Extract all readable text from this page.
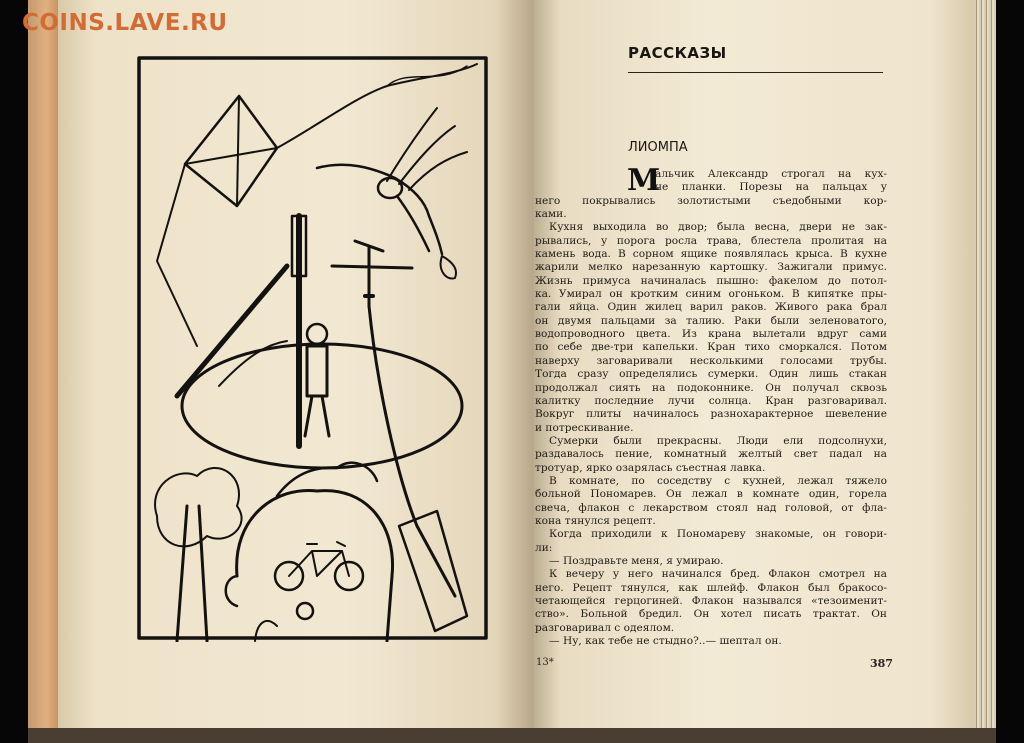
COINS.LAVE.RU
РАССКАЗЫ
ЛИОМПА
М
альчик Александр строгал на кух-
не планки. Порезы на пальцах у
него покрывались золотистыми съедобными кор-
ками.
Кухня выходила во двор; была весна, двери не зак-
рывались, у порога росла трава, блестела пролитая на
камень вода. В сорном ящике появлялась крыса. В кухне
жарили мелко нарезанную картошку. Зажигали примус.
Жизнь примуса начиналась пышно: факелом до потол-
ка. Умирал он кротким синим огоньком. В кипятке пры-
гали яйца. Один жилец варил раков. Живого рака брал
он двумя пальцами за талию. Раки были зеленоватого,
водопроводного цвета. Из крана вылетали вдруг сами
по себе две-три капельки. Кран тихо сморкался. Потом
наверху заговаривали несколькими голосами трубы.
Тогда сразу определялись сумерки. Один лишь стакан
продолжал сиять на подоконнике. Он получал сквозь
калитку последние лучи солнца. Кран разговаривал.
Вокруг плиты начиналось разнохарактерное шевеление
и потрескивание.
Сумерки были прекрасны. Люди ели подсолнухи,
раздавалось пение, комнатный желтый свет падал на
тротуар, ярко озарялась съестная лавка.
В комнате, по соседству с кухней, лежал тяжело
больной Пономарев. Он лежал в комнате один, горела
свеча, флакон с лекарством стоял над головой, от фла-
кона тянулся рецепт.
Когда приходили к Пономареву знакомые, он говори-
ли:
— Поздравьте меня, я умираю.
К вечеру у него начинался бред. Флакон смотрел на
него. Рецепт тянулся, как шлейф. Флакон был бракосо-
четающейся герцогиней. Флакон назывался «тезоименит-
ство». Больной бредил. Он хотел писать трактат. Он
разговаривал с одеялом.
— Ну, как тебе не стыдно?..— шептал он.
13*	387
